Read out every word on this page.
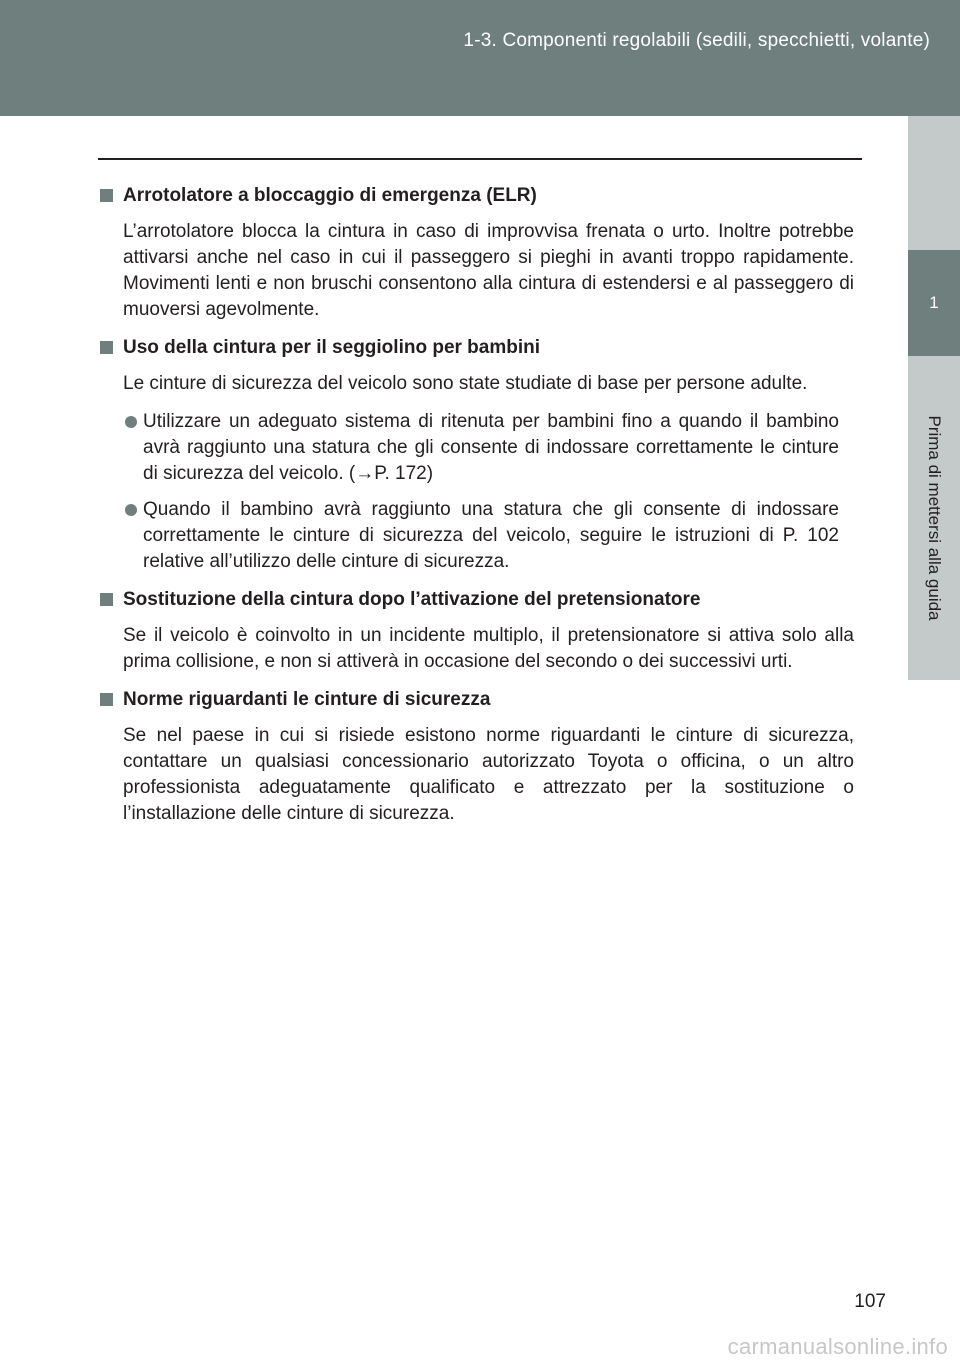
1-3. Componenti regolabili (sedili, specchietti, volante)
1
Prima di mettersi alla guida
Arrotolatore a bloccaggio di emergenza (ELR)

L’arrotolatore blocca la cintura in caso di improvvisa frenata o urto. Inoltre potrebbe attivarsi anche nel caso in cui il passeggero si pieghi in avanti troppo rapidamente. Movimenti lenti e non bruschi consentono alla cintura di estendersi e al passeggero di muoversi agevolmente.

Uso della cintura per il seggiolino per bambini

Le cinture di sicurezza del veicolo sono state studiate di base per persone adulte.

Utilizzare un adeguato sistema di ritenuta per bambini fino a quando il bambino avrà raggiunto una statura che gli consente di indossare correttamente le cinture di sicurezza del veicolo. (→P. 172)
Quando il bambino avrà raggiunto una statura che gli consente di indossare correttamente le cinture di sicurezza del veicolo, seguire le istruzioni di P. 102 relative all’utilizzo delle cinture di sicurezza.
Sostituzione della cintura dopo l’attivazione del pretensionatore

Se il veicolo è coinvolto in un incidente multiplo, il pretensionatore si attiva solo alla prima collisione, e non si attiverà in occasione del secondo o dei successivi urti.

Norme riguardanti le cinture di sicurezza

Se nel paese in cui si risiede esistono norme riguardanti le cinture di sicurezza, contattare un qualsiasi concessionario autorizzato Toyota o officina, o un altro professionista adeguatamente qualificato e attrezzato per la sostituzione o l’installazione delle cinture di sicurezza.

107
carmanualsonline.info
